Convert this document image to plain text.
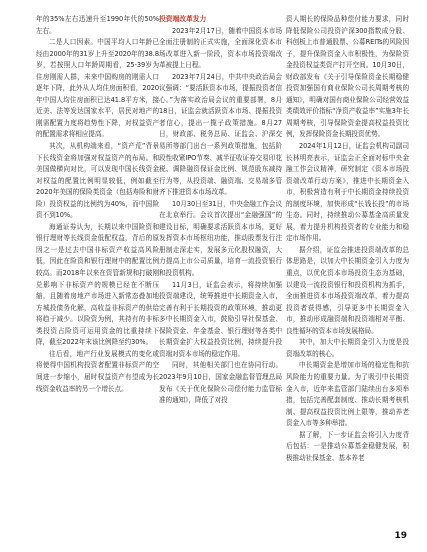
年的35%左右迅速升至1990年代的50%左右。

二是人口因素。中国平均人口年龄已经由2000年的31岁上升至2020年的38.8岁，若按照人口年龄周期看，25-39岁为住房刚需人群，未来中国购房的刚需人口逐年下降，此外从人均住房面积看，2020年中国人均住房面积已达41.8平方米，接近美、法等发达国家水平，居民对地产的刚需配置力度将趋势性下降，对权益资产的配置需求将相应提高。

其次，从机构端来看，“资产荒”背景下长线资金将加强对权益资产的布局。和美国做横向对比，可以发现中国长线资金对权益的配置比例明显较低，例如截至2020年美国的保险类资金（包括寿险和财险）投资权益的比例约为40%，而中国险资不到10%。

海通证券认为，长期以来中国险资和银行理财等长线资金低配权益，背后的原因之一是过去中国非标资产收益高风险低，因此在险资和银行理财中的配置比例较高。而2018年以来在资管新规和打破刚兑影响下非标资产的规模已经在不断压缩，且随着房地产市场进入新常态叠加地方城投债务化解，高收益非标资产的供给将趋于减少。以险资为例，其持有的非标类投资占险资可运用资金的比重持续下降，截至2022年末该比例降至约30%。

往后看，地产行业发展模式的变化或将使得中国机构投资者配置非标资产的空间进一步缩小，届时权益资产有望成为长线资金收益率的另一个增长点。

投资端改革发力

2023年2月17日，随着中国资本市场全面注册制的正式实施，全面深化资本市场改革进入新一阶段，资本市场投资端改革被提上日程。

2023年7月24日，中共中央政治局会议强调：“要活跃资本市场，提振投资者信心。”为落实政治局会议的重要部署，8月18日，证监会就活跃资本市场、提振投资者信心，提出一揽子政策措施。8月27日，财政部、税务总局、证监会、沪深交易所等部门出台一系列政策措施，包括阶段性收紧IPO节奏、减半征收证券交易印花税、调降融资保证金比例、规范股东减持行为等，从投资端、融资端、交易端多管齐下推进资本市场改革。

10月30日至31日，中央金融工作会议在北京举行。会议首次提出“金融强国”的建设目标，明确要求活跃资本市场，更好发挥资本市场枢纽功能，推动股票发行注册制走深走实，发展多元化股权融资，大力提高上市公司质量，培育一流投资银行和投资机构。

11月3日，证监会表示，将持续加强投资端建设，统筹推进中长期资金入市，完善有利于长期投资的政策环境，推动更多中长期资金入市，鼓励引导社保基金、保险资金、年金基金、银行理财等各类中长期资金扩大权益投资比例，持续提升投资端对资本市场的稳定作用。

同时，其他相关部门也在协同行动。2023年9月10日，国家金融监督管理总局发布《关于优化保险公司偿付能力监管标准的通知》，降低了对投

资人期长的保险品种偿付能力要求，同时降低保险公司投资沪深300指数成分股、科创板上市普通股票、公募REITs的风险因子，提升保险资金入市积极性，为保险资金投资权益类资产打开空间。10月30日，财政部发布《关于引导保险资金长期稳健投资加强国有商业保险公司长周期考核的通知》，明确对国有商业保险公司经营效益类绩效评价指标“净资产收益率”实施3年长周期考核，引导保险资金提高权益投资比例，发挥保险资金长期投资优势。

2024年1月12日，证监会机构司副司长林明亮表示，证监会正全面对标中央金融工作会议精神，研究制定《资本市场投资端改革行动方案》，推进中长期资金入市，积极营造有利于中长期资金持续投资的制度环境，加快形成“长钱长投”的市场生态。同时，持续推动公募基金高质量发展，着力提升机构投资者的专业能力和稳定市场作用。

据介绍，证监会推进投资端改革的总体思路是，以加大中长期资金引入力度为重点，以优化资本市场投资生态为基础，以建设一流投资银行和投资机构为抓手，全面推进资本市场投资端改革，着力提高投资者获得感，引导更多中长期资金入市，推动形成融资端和投资端相对平衡、良性循环的资本市场发展格局。

其中，加大中长期资金引入力度是投资端改革的核心。

中长期资金是增加市场的稳定性和抗风险能力的重要力量。为了吸引中长期资金入市，近年来监管部门陆续出台多项举措，包括完善配套制度、推动长期考核机制、提高权益投资比例上限等，推动养老资金入市等多种举措。

据了解，下一步证监会将引入力度背后包括：一是推动公募基金稳健发展，积极推动社保基金、基本养老

19
